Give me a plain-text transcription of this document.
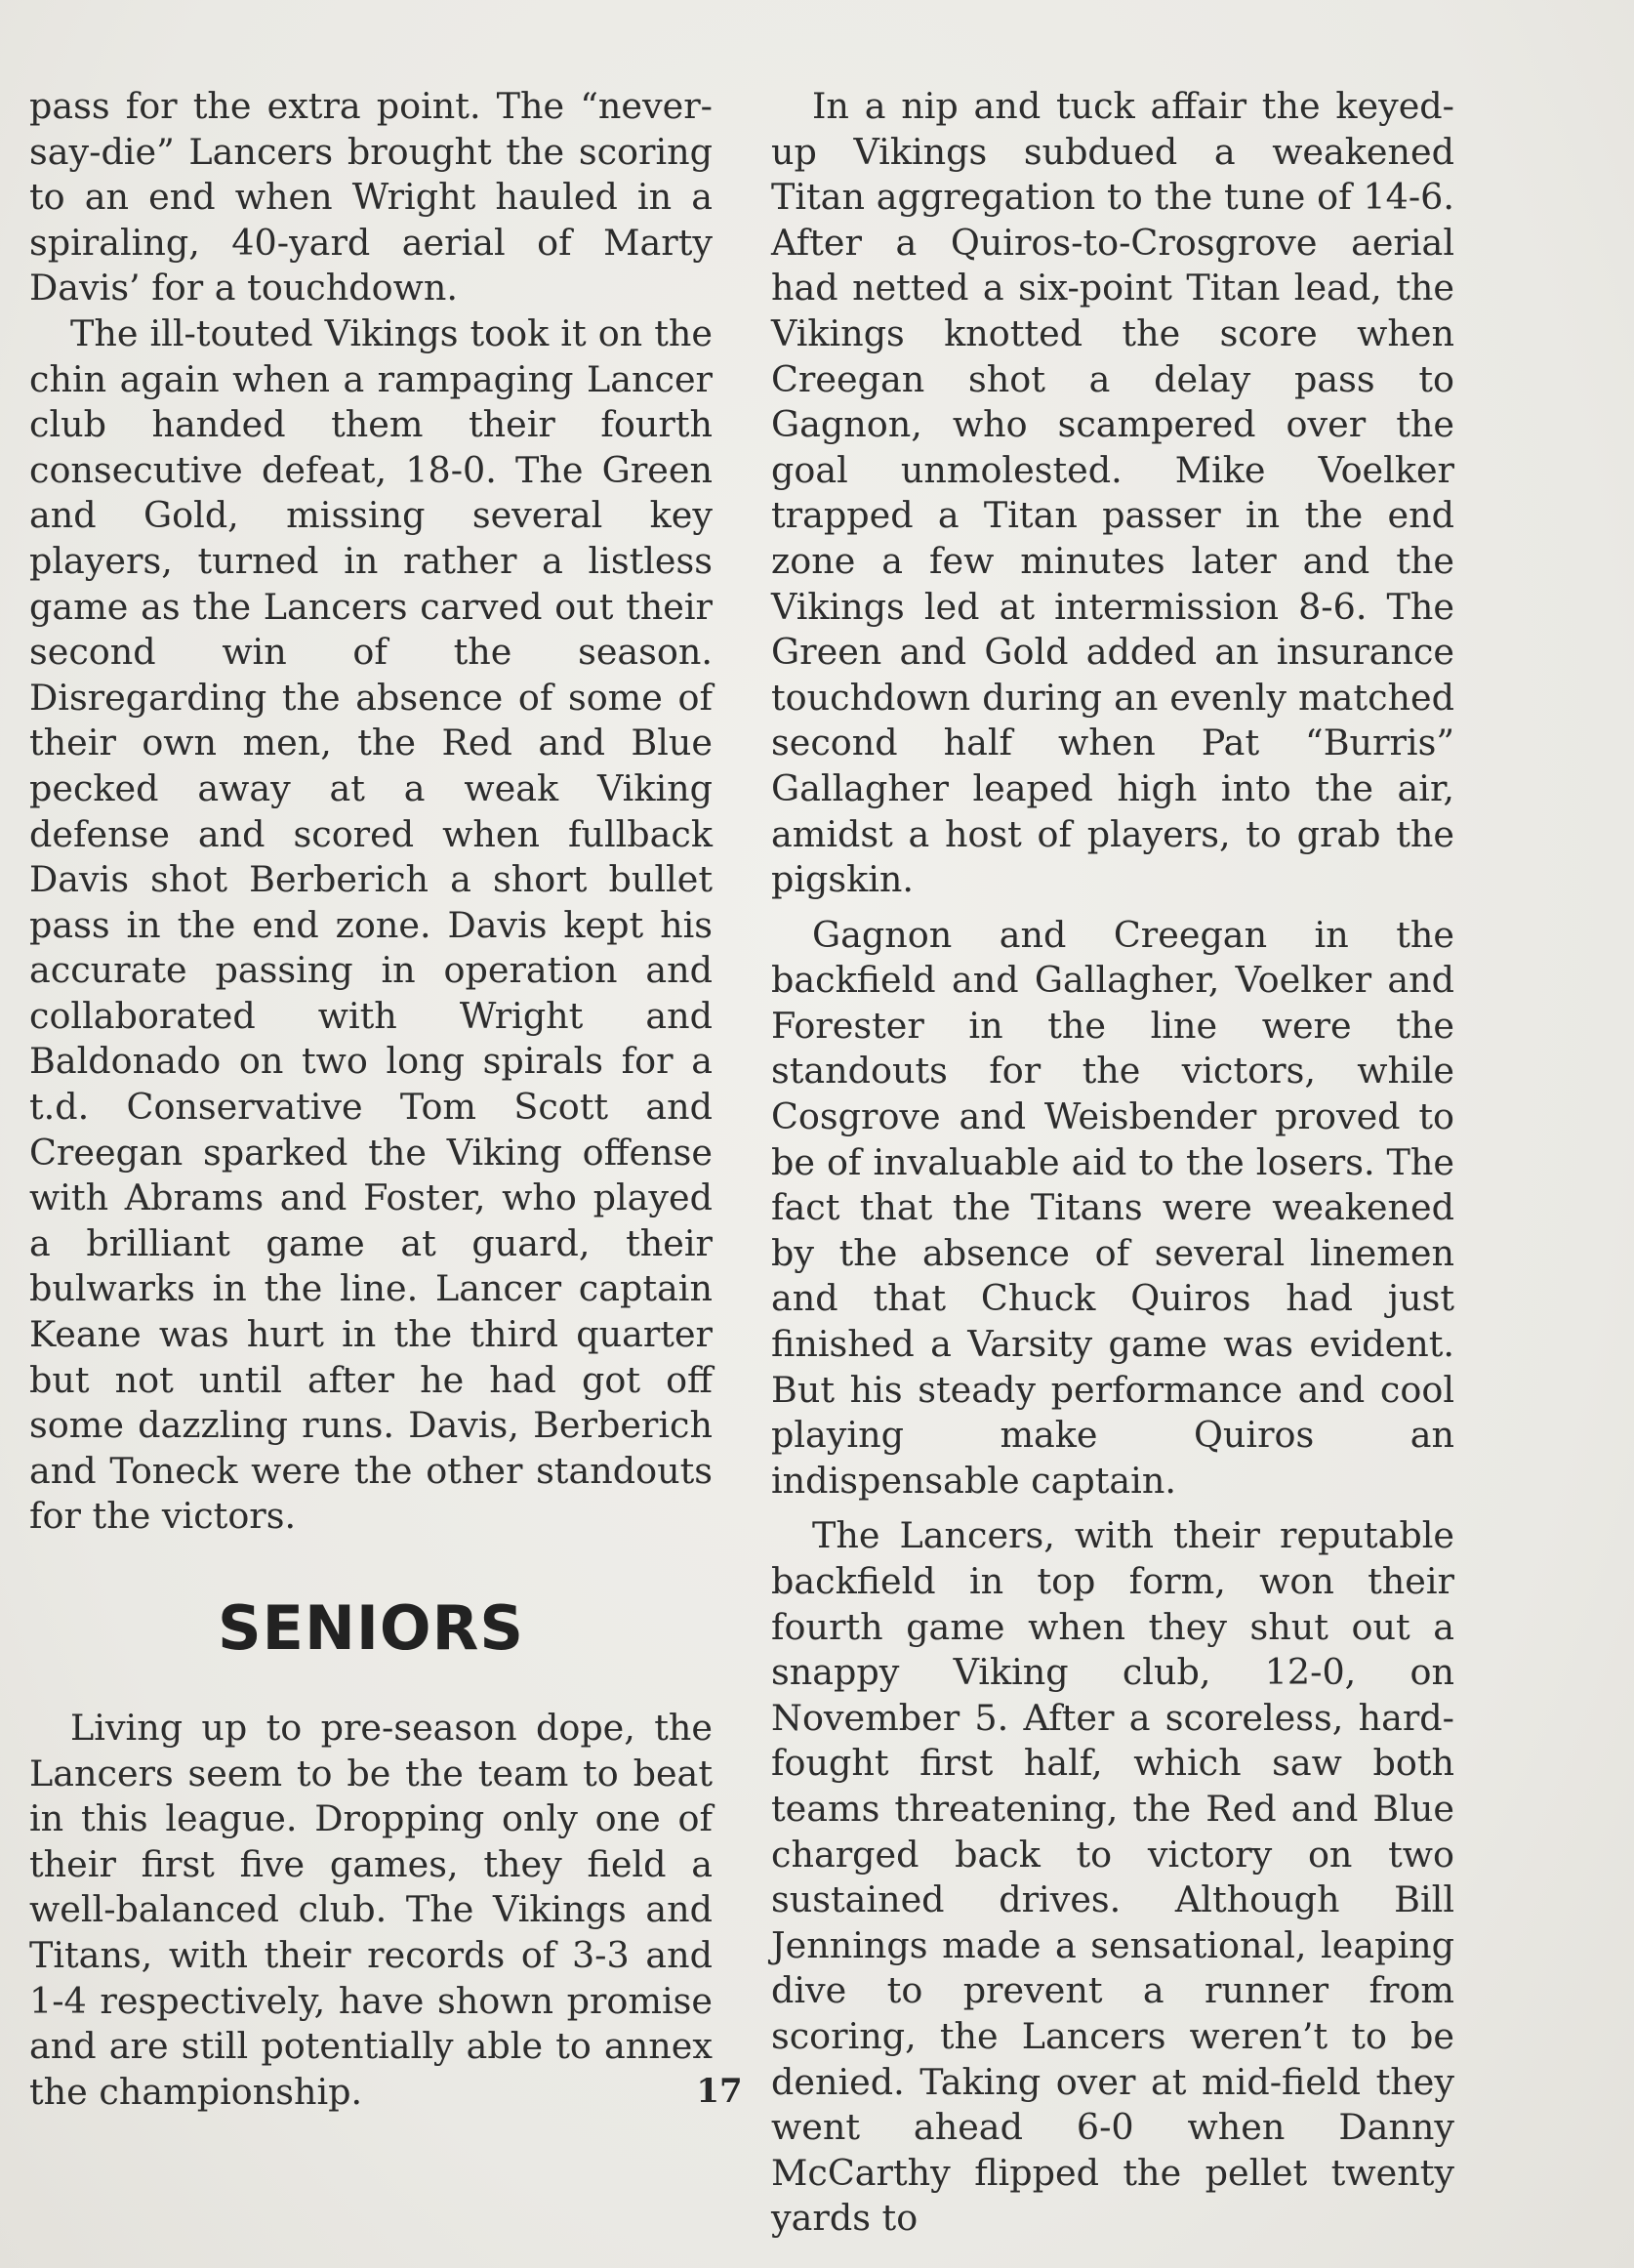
pass for the extra point. The “never-say-die” Lancers brought the scoring to an end when Wright hauled in a spiraling, 40-yard aerial of Marty Davis’ for a touchdown.

The ill-touted Vikings took it on the chin again when a rampaging Lancer club handed them their fourth consecutive defeat, 18-0. The Green and Gold, missing several key players, turned in rather a listless game as the Lancers carved out their second win of the season. Disregarding the absence of some of their own men, the Red and Blue pecked away at a weak Viking defense and scored when fullback Davis shot Berberich a short bullet pass in the end zone. Davis kept his accurate passing in operation and collaborated with Wright and Baldonado on two long spirals for a t.d. Conservative Tom Scott and Creegan sparked the Viking offense with Abrams and Foster, who played a brilliant game at guard, their bulwarks in the line. Lancer captain Keane was hurt in the third quarter but not until after he had got off some dazzling runs. Davis, Berberich and Toneck were the other standouts for the victors.

SENIORS

Living up to pre-season dope, the Lancers seem to be the team to beat in this league. Dropping only one of their first five games, they field a well-balanced club. The Vikings and Titans, with their records of 3-3 and 1-4 respectively, have shown promise and are still potentially able to annex the championship.

In a nip and tuck affair the keyed-up Vikings subdued a weakened Titan aggregation to the tune of 14-6. After a Quiros-to-Crosgrove aerial had netted a six-point Titan lead, the Vikings knotted the score when Creegan shot a delay pass to Gagnon, who scampered over the goal unmolested. Mike Voelker trapped a Titan passer in the end zone a few minutes later and the Vikings led at intermission 8-6. The Green and Gold added an insurance touchdown during an evenly matched second half when Pat “Burris” Gallagher leaped high into the air, amidst a host of players, to grab the pigskin.

Gagnon and Creegan in the backfield and Gallagher, Voelker and Forester in the line were the standouts for the victors, while Cosgrove and Weisbender proved to be of invaluable aid to the losers. The fact that the Titans were weakened by the absence of several linemen and that Chuck Quiros had just finished a Varsity game was evident. But his steady performance and cool playing make Quiros an indispensable captain.

The Lancers, with their reputable backfield in top form, won their fourth game when they shut out a snappy Viking club, 12-0, on November 5. After a scoreless, hard-fought first half, which saw both teams threatening, the Red and Blue charged back to victory on two sustained drives. Although Bill Jennings made a sensational, leaping dive to prevent a runner from scoring, the Lancers weren’t to be denied. Taking over at mid-field they went ahead 6-0 when Danny McCarthy flipped the pellet twenty yards to

17
